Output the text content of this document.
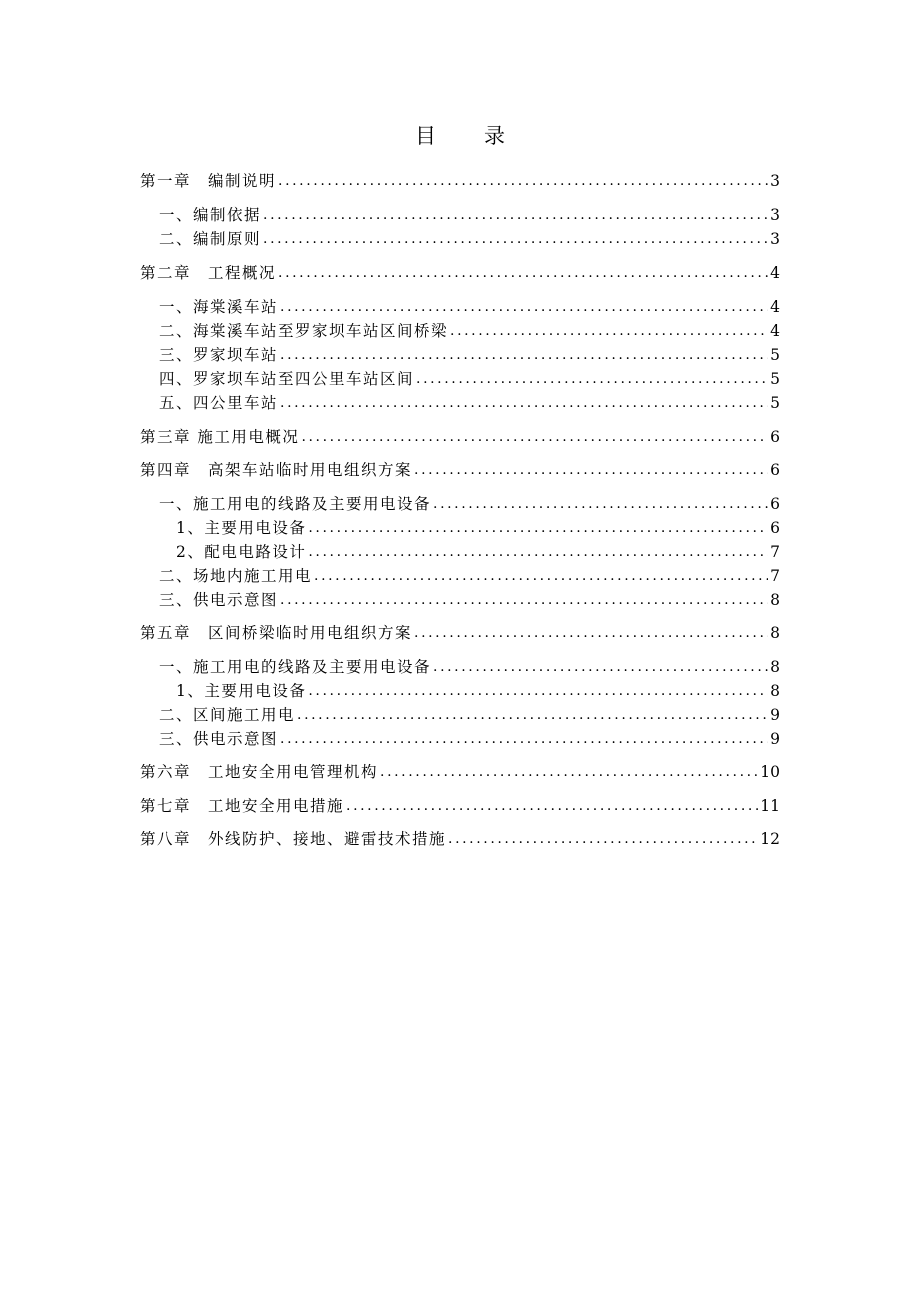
目 录
第一章　编制说明 .....	3
一、编制依据 .....	3
二、编制原则 .....	3
第二章　工程概况 .....	4
一、海棠溪车站 .....	4
二、海棠溪车站至罗家坝车站区间桥梁 .....	4
三、罗家坝车站 .....	5
四、罗家坝车站至四公里车站区间 .....	5
五、四公里车站 .....	5
第三章 施工用电概况 .....	6
第四章　高架车站临时用电组织方案 .....	6
一、施工用电的线路及主要用电设备 .....	6
1、主要用电设备 .....	6
2、配电电路设计 .....	7
二、场地内施工用电 .....	7
三、供电示意图 .....	8
第五章　区间桥梁临时用电组织方案 .....	8
一、施工用电的线路及主要用电设备 .....	8
1、主要用电设备 .....	8
二、区间施工用电 .....	9
三、供电示意图 .....	9
第六章　工地安全用电管理机构 .....	10
第七章　工地安全用电措施 .....	11
第八章　外线防护、接地、避雷技术措施 .....	12
